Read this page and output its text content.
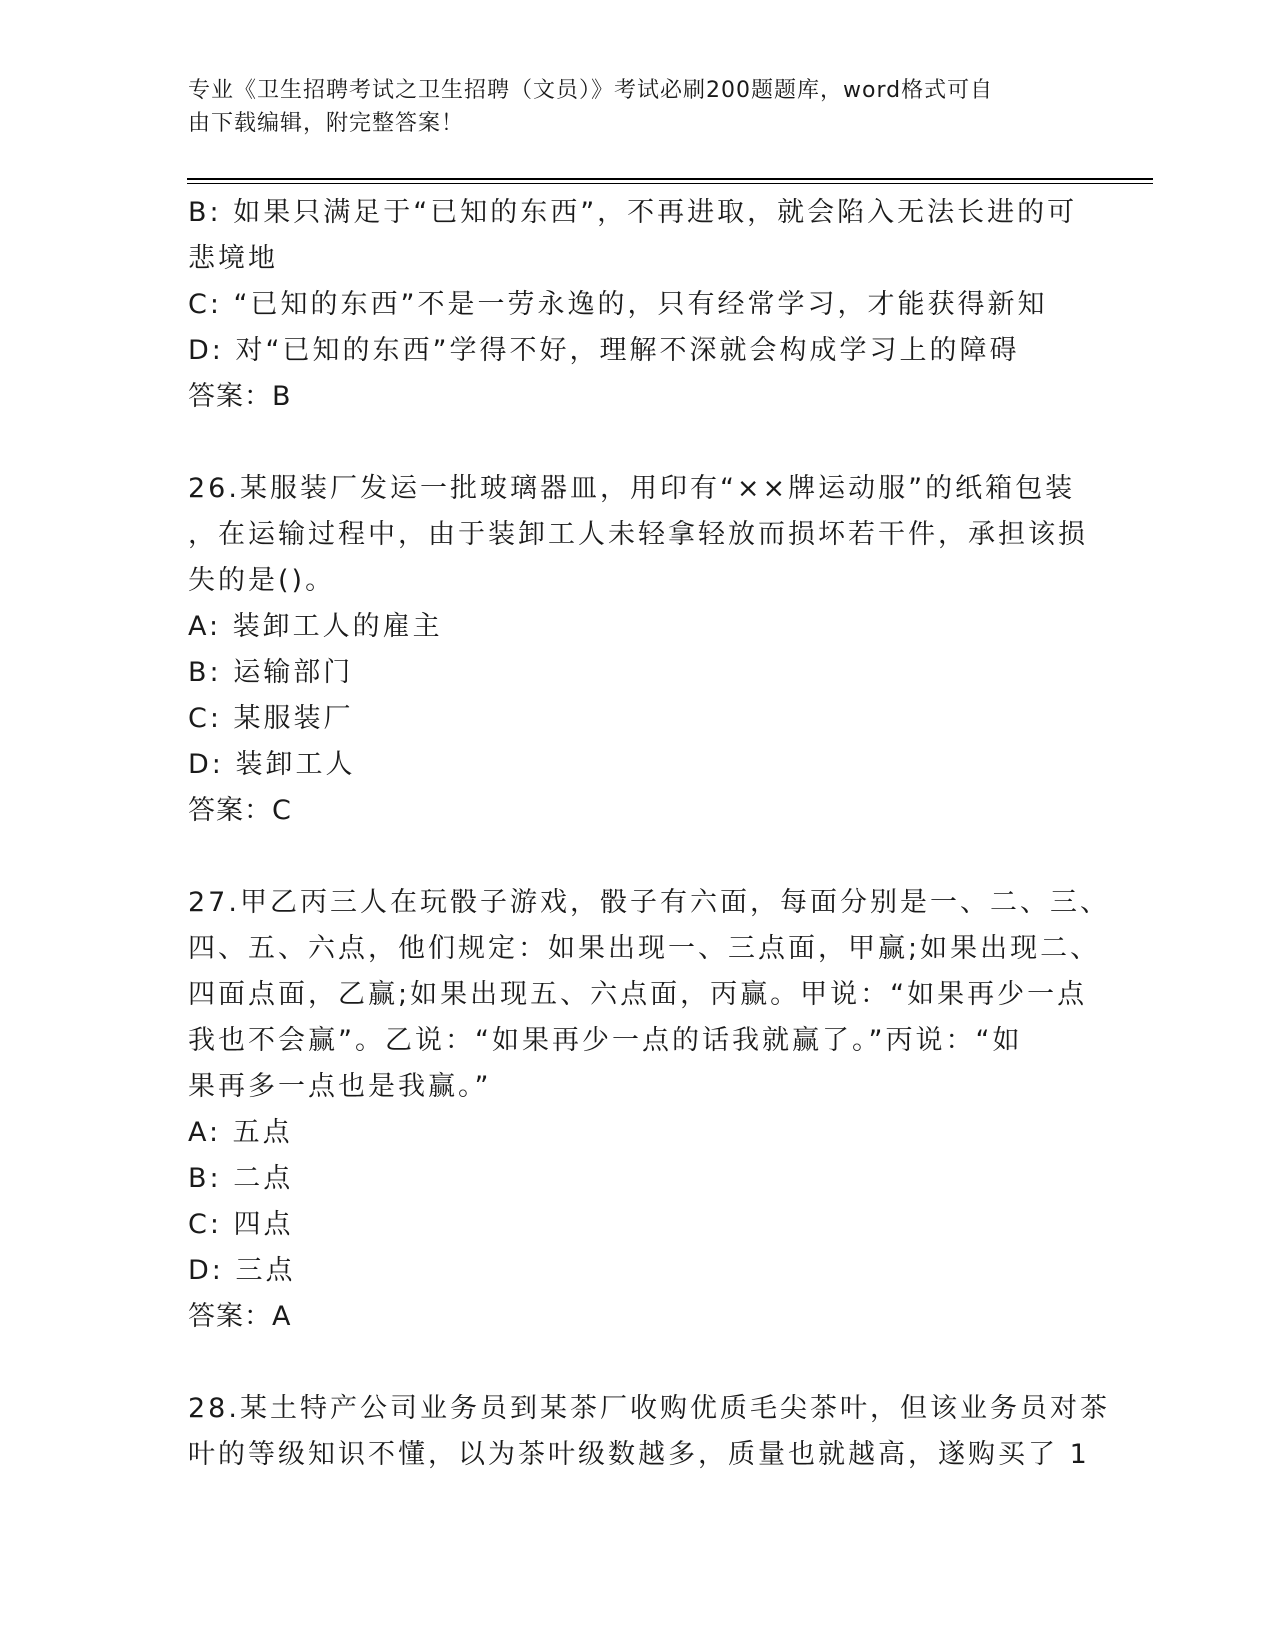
专业《卫生招聘考试之卫生招聘（文员）》考试必刷200题题库，word格式可自
由下载编辑，附完整答案！
B: 如果只满足于“已知的东西”，不再进取，就会陷入无法长进的可
悲境地
C: “已知的东西”不是一劳永逸的，只有经常学习，才能获得新知
D: 对“已知的东西”学得不好，理解不深就会构成学习上的障碍
答案：B
26.某服装厂发运一批玻璃器皿，用印有“××牌运动服”的纸箱包装
，在运输过程中，由于装卸工人未轻拿轻放而损坏若干件，承担该损
失的是()。
A: 装卸工人的雇主
B: 运输部门
C: 某服装厂
D: 装卸工人
答案：C
27.甲乙丙三人在玩骰子游戏，骰子有六面，每面分别是一、二、三、
四、五、六点，他们规定：如果出现一、三点面，甲赢;如果出现二、
四面点面，乙赢;如果出现五、六点面，丙赢。甲说：“如果再少一点
我也不会赢”。乙说：“如果再少一点的话我就赢了。”丙说：“如
果再多一点也是我赢。”
A: 五点
B: 二点
C: 四点
D: 三点
答案：A
28.某土特产公司业务员到某茶厂收购优质毛尖茶叶，但该业务员对茶
叶的等级知识不懂，以为茶叶级数越多，质量也就越高，遂购买了 1
